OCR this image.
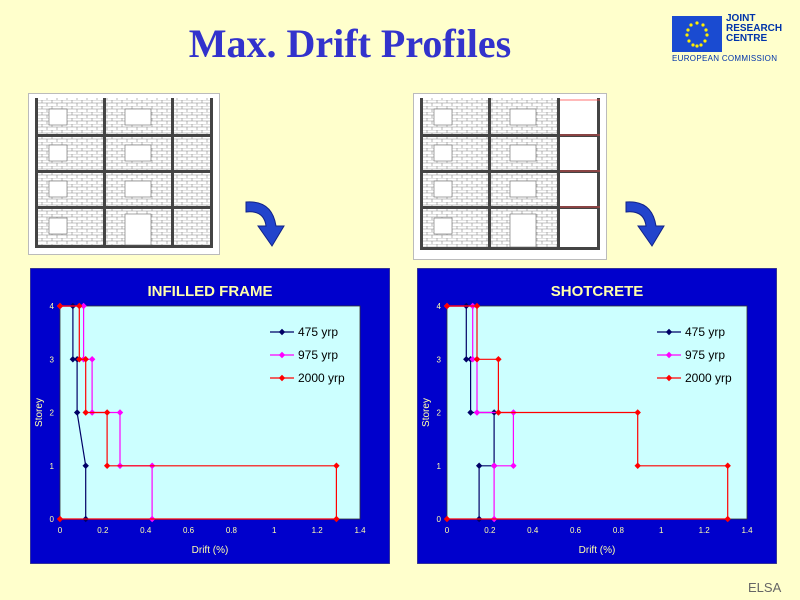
Max. Drift Profiles
JOINT
RESEARCH
CENTRE
EUROPEAN COMMISSION
INFILLED FRAME
0	0.2	0.4	0.6	0.8	1	1.2	1.4
0
1
2
3
4
Drift (%)
Storey
475 yrp
975 yrp
2000 yrp
SHOTCRETE
0	0.2	0.4	0.6	0.8	1	1.2	1.4
0
1
2
3
4
Drift (%)
Storey
475 yrp
975 yrp
2000 yrp
ELSA
